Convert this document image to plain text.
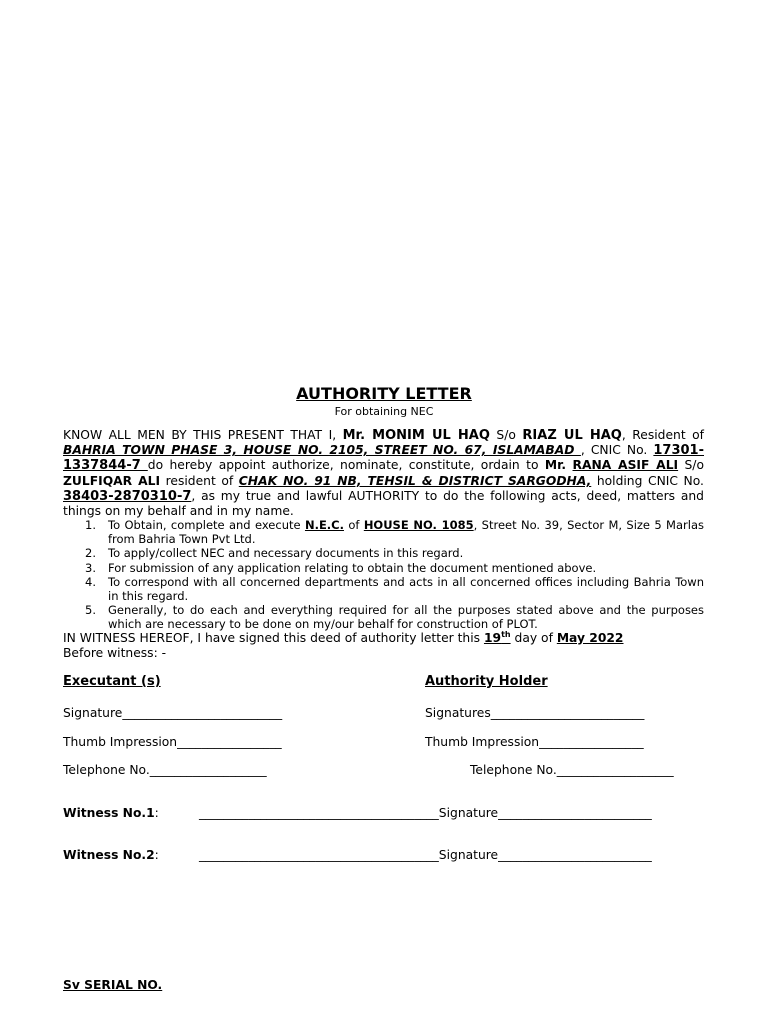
AUTHORITY LETTER
For obtaining NEC

KNOW ALL MEN BY THIS PRESENT THAT I, Mr. MONIM UL HAQ S/o RIAZ UL HAQ, Resident of BAHRIA TOWN PHASE 3, HOUSE NO. 2105, STREET NO. 67, ISLAMABAD , CNIC No. 17301-1337844-7 do hereby appoint authorize, nominate, constitute, ordain to Mr. RANA ASIF ALI S/o ZULFIQAR ALI resident of CHAK NO. 91 NB, TEHSIL & DISTRICT SARGODHA, holding CNIC No. 38403-2870310-7, as my true and lawful AUTHORITY to do the following acts, deed, matters and things on my behalf and in my name.

1. To Obtain, complete and execute N.E.C. of HOUSE NO. 1085, Street No. 39, Sector M, Size 5 Marlas from Bahria Town Pvt Ltd.
2. To apply/collect NEC and necessary documents in this regard.
3. For submission of any application relating to obtain the document mentioned above.
4. To correspond with all concerned departments and acts in all concerned offices including Bahria Town in this regard.
5. Generally, to do each and everything required for all the purposes stated above and the purposes which are necessary to be done on my/our behalf for construction of PLOT.
IN WITNESS HEREOF, I have signed this deed of authority letter this 19th day of May 2022
Before witness: -
Executant (s)	Authority Holder
Signature__________________________	Signatures_________________________
Thumb Impression_________________	Thumb Impression_________________
Telephone No.___________________	Telephone No.___________________
Witness No.1:	_______________________________________Signature_________________________
Witness No.2:	_______________________________________Signature_________________________
Sv SERIAL NO.
